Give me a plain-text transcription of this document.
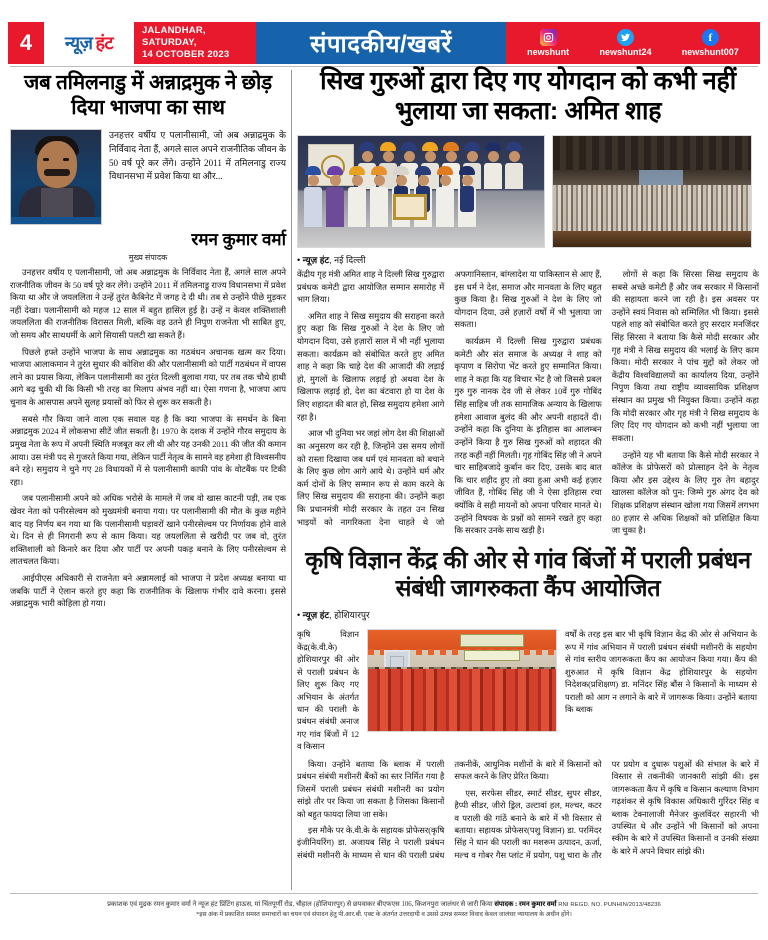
4	न्यूज़ हंट
JALANDHAR, SATURDAY,
14 OCTOBER 2023	संपादकीय/खबरें	newshunt	newshunt24
f
newshunt007
जब तमिलनाडु में अन्नाद्रमुक ने छोड़ दिया भाजपा का साथ
उनहत्तर वर्षीय ए पलानीसामी, जो अब अन्नाद्रमुक के निर्विवाद नेता हैं, अगले साल अपने राजनीतिक जीवन के 50 वर्ष पूरे कर लेंगे। उन्होंने 2011 में तमिलनाडु राज्य विधानसभा में प्रवेश किया था और...
रमन कुमार वर्मा
मुख्य संपादक

उनहत्तर वर्षीय ए पलानीसामी, जो अब अन्नाद्रमुक के निर्विवाद नेता हैं, अगले साल अपने राजनीतिक जीवन के 50 वर्ष पूरे कर लेंगे। उन्होंने 2011 में तमिलनाडु राज्य विधानसभा में प्रवेश किया था और जे जयललिता ने उन्हें तुरंत कैबिनेट में जगह दे दी थी। तब से उन्होंने पीछे मुड़कर नहीं देखा। पलानीसामी को महज 12 साल में बहुत हासिल हुई है। उन्हें न केवल शक्तिशाली जयललिता की राजनीतिक विरासत मिली, बल्कि वह उतने ही निपुण राजनेता भी साबित हुए, जो समय और साथधर्मी के आगे सियासी पलटी खा सकते हैं।

पिछले हफ्ते उन्होंने भाजपा के साथ अन्नाद्रमुक का गठबंधन अचानक खत्म कर दिया। भाजपा आलाकमान ने तुरंत सुधार की कोशिश की और पलानीसामी को पार्टी गठबंधन में वापस लाने का प्रयास किया, लेकिन पलानीसामी का तुरंत दिल्ली बुलावा गया, पर तब तक चौथे हाथी आगे बढ़ चुकी थी कि किसी भी तरह का मिलाप अंभव नहीं था। ऐसा गणना है, भाजपा आप चुनाव के आसपास अपने सुलह प्रयासों को फिर से शुरू कर सकती है।

सबसे गौर किया जाने वाला एक सवाल यह है कि क्या भाजपा के समर्थन के बिना अन्नाद्रमुक 2024 में लोकसभा सीटें जीत सकती है। 1970 के दशक में उन्होंने गौरव समुदाय के प्रमुख नेता के रूप में अपनी स्थिति मजबूत कर ली थी और यह उनकी 2011 की जीत की कमान आया। उस मंत्री पद से गुजरते किया गया, लेकिन पार्टी नेतृत्व के सामने वह हमेशा ही विश्वसनीय बने रहे। समुदाय ने चुने गए 28 विधायकों में से पलानीसामी काफी पांव के वोटबैंक पर टिकी रहा।

जब पलानीसामी अपने को अधिक भरोसे के मामले में जब वो खास काटनी पड़ी, तब एक खेवर नेता को पनीरसेल्वम को मुख्यमंत्री बनाया गया। पर पलानीसामी की मौत के कुछ महीने बाद यह निर्णय बन गया था कि पलानीसामी घड़ावरों खाने पनीरसेल्वम पर निर्णायक होने वाले थे। दिन से ही निगरानी रूप से काम किया। यह जयललिता से खरीदी पर जब वो, तुरंत शक्तिशाली को किनारे कर दिया और पार्टी पर अपनी पकड़ बनाने के लिए पनीरसेल्वम से लातचलत किया।

आईपीएस अधिकारी से राजनेता बने अन्नामलाई को भाजपा ने प्रदेश अध्यक्ष बनाया था जबकि पार्टी ने ऐलान करते हुए कहा कि राजनीतिक के खिलाफ गंभीर दावे करना। इससे अन्नाद्रमुक भारी कोहिला हो गया।

सिख गुरुओं द्वारा दिए गए योगदान को कभी नहीं भुलाया जा सकता: अमित शाह
• न्यूज़ हंट, नई दिल्ली

केंद्रीय गृह मंत्री अमित शाह ने दिल्ली सिख गुरुद्वारा प्रबंधक कमेटी द्वारा आयोजित सम्मान समारोह में भाग लिया।

अमित शाह ने सिख समुदाय की सराहना करते हुए कहा कि सिख गुरुओं ने देश के लिए जो योगदान दिया, उसे हज़ारों साल में भी नहीं भुलाया सकता। कार्यक्रम को संबोधित करते हुए अमित शाह ने कहा कि चाहे देश की आजादी की लड़ाई हो, मुगलों के खिलाफ लड़ाई हो अथवा देश के खिलाफ लड़ाई हो, देश का बंटवारा हो या देश के लिए शहादत की बात हो, सिख समुदाय हमेशा आगे रहा है।

आज भी दुनिया भर जहां लोग देश की शिक्षाओं का अनुसरण कर रही है, जिन्होंने उस समय लोगों को रास्ता दिखाया जब धर्म एवं मानवता को बचाने के लिए कुछ लोग आगे आये थे। उन्होंने धर्म और कर्म दोनों के लिए सम्मान रूप से काम करने के लिए सिख समुदाय की सराहना की। उन्होंने कहा कि प्रधानमंत्री मोदी सरकार के तहत उन सिख भाइयों को नागरिकता देना चाहते थे जो अफगानिस्तान, बांग्लादेश या पाकिस्तान से आए हैं, इस धर्म ने देश, समाज और मानवता के लिए बहुत कुछ किया है। सिख गुरुओं ने देश के लिए जो योगदान दिया, उसे हज़ारों वर्षों में भी भुलाया जा सकता।

कार्यक्रम में दिल्ली सिख गुरुद्वारा प्रबंधक कमेटी और संत समाज के अध्यक्ष ने शाह को कृपाण व सिरोपा भेंट करते हुए सम्मानित किया। शाह ने कहा कि यह विचार भेंट है जो जिससे प्रबल गुरु गुरु नानक देव जी से लेकर 10वें गुरु गोबिंद सिंह साहिब जी तक सामाजिक अन्याय के खिलाफ हमेशा आवाज बुलंद की और अपनी शहादतें दी। उन्होंने कहा कि दुनिया के इतिहास का आलम्बन उन्होंने किया है गुरु सिख गुरुओं को शहादत की तरह कहीं नहीं मिलती। गृह गोबिंद सिंह जी ने अपने चार साहिबजादे कुर्बान कर दिए, उसके बाद बात कि चार शहीद हुए तो क्या हुआ अभी कई हज़ार जीवित हैं, गोबिंद सिंह जी ने ऐसा इतिहास रचा क्योंकि वे सही मायनों को अपना परिवार मानते थे। उन्होंने विषयक के प्रश्नों को सामने रखते हुए कहा कि सरकार उनके साथ खड़ी है।

लोगों से कहा कि सिरसा सिख समुदाय के सबसे अच्छे कमेटी हैं और जब सरकार में किसानों की सहायता करने जा रही है। इस अवसर पर उन्होंने स्वयं निवास को सम्मिलित भी किया। इससे पहले शाह को संबोधित करते हुए सरदार मनजिंदर सिंह सिरसा ने बताया कि कैसे मोदी सरकार और गृह मंत्री ने सिख समुदाय की भलाई के लिए काम किया। मोदी सरकार ने पांच मुद्दों को लेकर जो केंद्रीय विश्वविद्यालयों का कार्यालय दिया, उन्होंने निपुण किया तथा राष्ट्रीय व्यावसायिक प्रशिक्षण संस्थान का प्रमुख भी नियुक्त किया। उन्होंने कहा कि मोदी सरकार और गृह मंत्री ने सिख समुदाय के लिए दिए गए योगदान को कभी नहीं भुलाया जा सकता।

उन्होंने यह भी बताया कि कैसे मोदी सरकार ने कॉलेज के प्रोफेसरों को प्रोत्साहन देने के नेतृत्व किया और इस उद्देश्य के लिए गुरु तेग बहादुर खालसा कॉलेज को पुन: जिम्मे गुरु अंगद देव को शिक्षक प्रशिक्षण संस्थान खोला गया जिसमें लगभग 80 हज़ार से अधिक शिक्षकों को प्रशिक्षित किया जा चुका है।

कृषि विज्ञान केंद्र की ओर से गांव बिंजों में पराली प्रबंधन संबंधी जागरुकता कैंप आयोजित
• न्यूज़ हंट, होशियारपुर
कृषि विज्ञान केंद्र(के.वी.के) होशियारपुर की ओर से पराली प्रबंधन के लिए शुरू किए गए अभियान के अंतर्गत धान की पराली के प्रबंधन संबंधी अनाज गए गांव बिंजों में 12 व किसान
वर्षों के तरह इस बार भी कृषि विज्ञान केंद्र की ओर से अभियान के रूप में गांव अभियान में पराली प्रबंधन संबंधी मशीनरी के सहयोग से गांव स्तरीय जागरूकता कैंप का आयोजन किया गया। कैंप की शुरुआत में कृषि विज्ञान केंद्र होशियारपुर के सहयोग निदेशक(प्रशिक्षण) डा. मनिंदर सिंह बौंस ने किसानों के माध्यम से पराली को आग न लगाने के बारे में जागरूक किया। उन्होंने बताया कि ब्लाक

किया। उन्होंने बताया कि ब्लाक में पराली प्रबंधन संबंधी मशीनरी बैंकों का स्तर निर्मित गया है जिसमें पराली प्रबंधन संबंधी मशीनरी का प्रयोग सांझे तौर पर किया जा सकता है जिसका किसानों को बहुत फायदा लिया जा सके।

इस मौके पर के.वी.के के सहायक प्रोफेसर(कृषि इंजीनियरिंग) डा. अजायब सिंह ने पराली प्रबंधन संबंधी मशीनरी के माध्यम से धान की पराली प्रबंध तकनीकें, आधुनिक मशीनों के बारे में किसानों को सफल करने के लिए प्रेरित किया।

एस, सरफेस सीडर, स्मार्ट सीडर, सुपर सीडर, हैप्पी सीडर, जीरो ड्रिल, उल्टावां हल, मल्चर, कटर व पराली की गांठें बनाने के बारे में भी विस्तार से बताया। सहायक प्रोफेसर(पशु विज्ञान) डा. परमिंदर सिंह ने धान की पराली का मशरूम उत्पादन, ऊर्जा, मल्च व गोबर गैस प्लांट में प्रयोग, पशु चारा के तौर पर प्रयोग व दुधारू पशुओं की संभाल के बारे में विस्तार से तकनीकी जानकारी सांझी की। इस जागरूकता कैंप में कृषि व किसान कल्याण विभाग गढ़शंकर से कृषि विकास अधिकारी गुरिंदर सिंह व ब्लाक टेक्नालाजी मैनेजर कुलविंदर सहारनी भी उपस्थित थे और उन्होंने भी किसानों को अपना स्कीम के बारे में उपस्थित किसानों व उनकी संख्या के बारे में अपने विचार सांझे की।

प्रकाशक एवं मुद्रक रमन कुमार वर्मा ने न्यूज हंट प्रिंटिंग हाऊस, मां चिंतपूर्णी रोड, चौहाल (होशियारपुर) से छपवाकर बीएफएस 106, किशनपुरा जालंधर से जारी किया संपादक : रमन कुमार वर्मा RNI REGD. NO. PUNHIN/2013/48236
*इस अंक में प्रकाशित समस्त समाचारों का चयन एवं संपादन हेतु पी.आर.बी. एक्ट के अंतर्गत उत्तरदायी व उससे उत्पन्न समस्त विवाद केवल जालंधर न्यायालय के अधीन होंगे।
